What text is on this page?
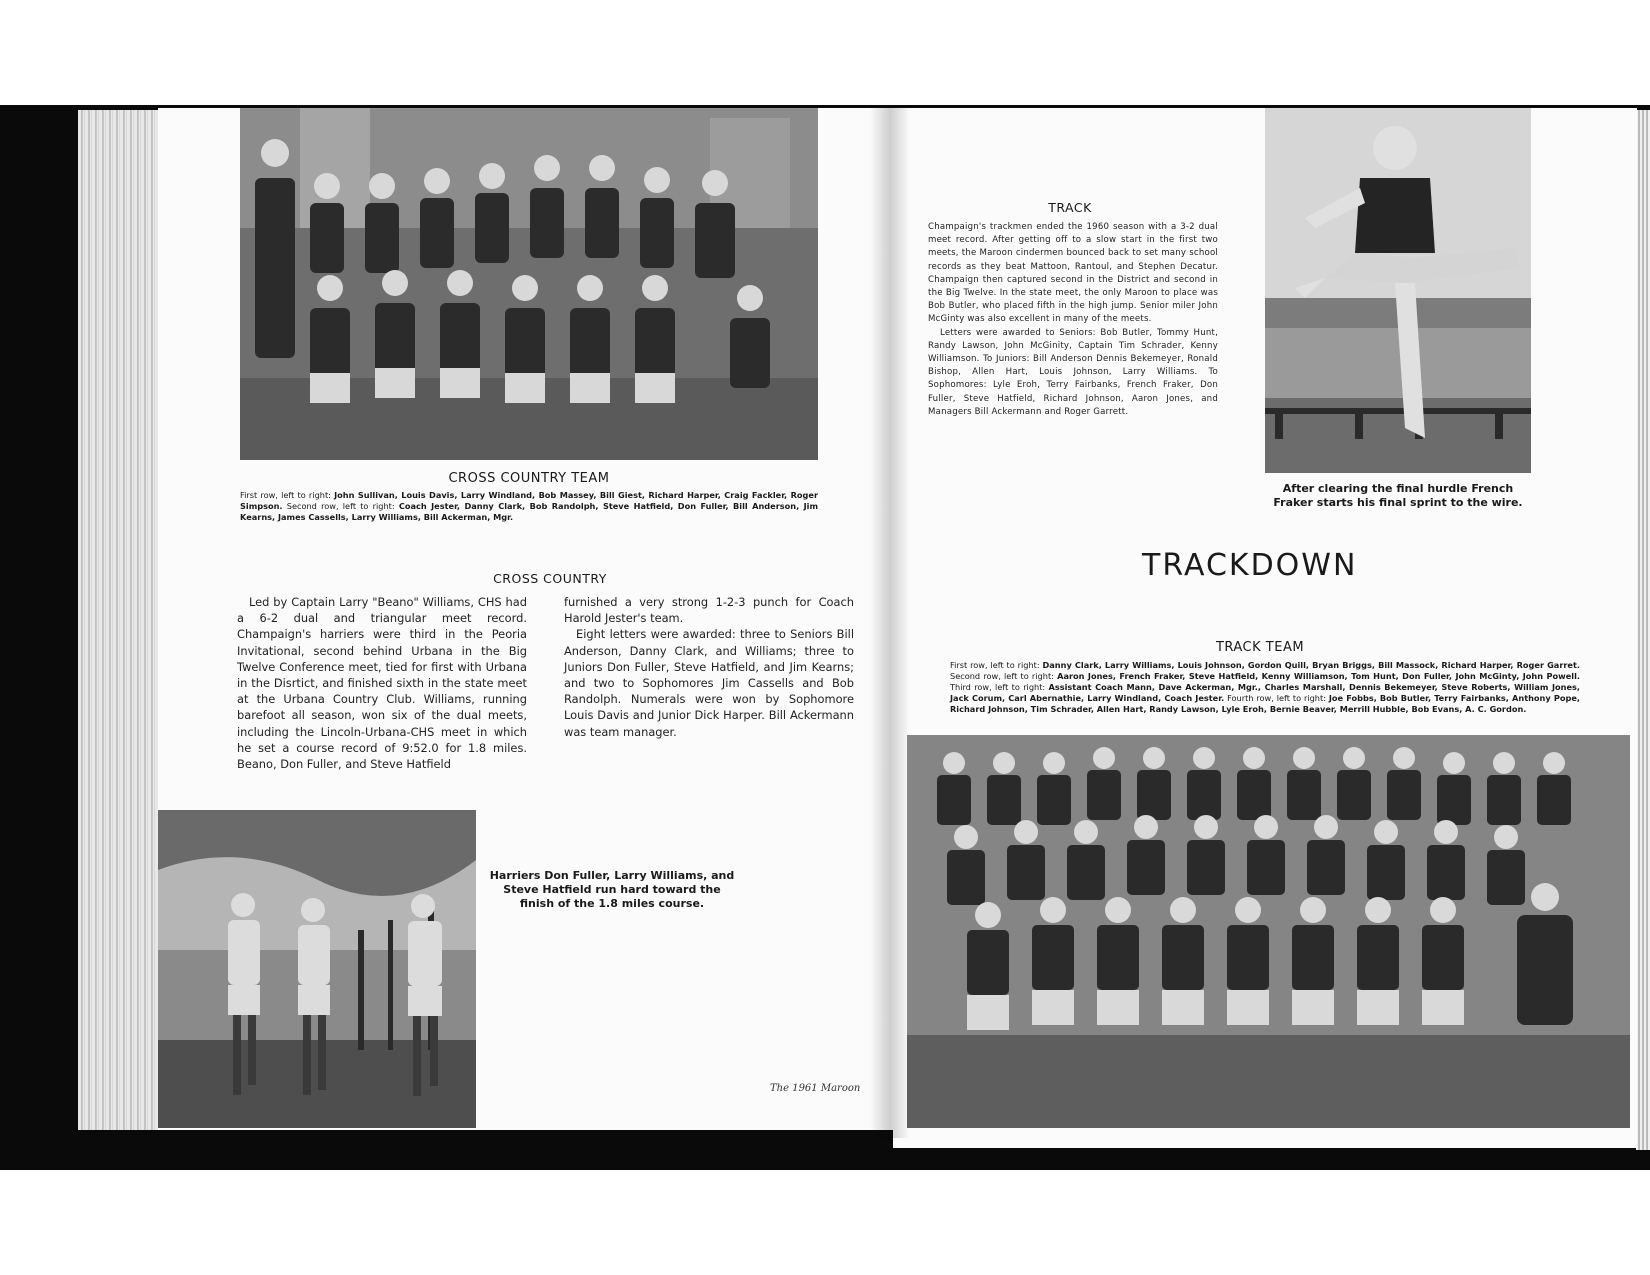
CROSS COUNTRY TEAM
First row, left to right: John Sullivan, Louis Davis, Larry Windland, Bob Massey, Bill Giest, Richard Harper, Craig Fackler, Roger Simpson. Second row, left to right: Coach Jester, Danny Clark, Bob Randolph, Steve Hatfield, Don Fuller, Bill Anderson, Jim Kearns, James Cassells, Larry Williams, Bill Ackerman, Mgr.
CROSS COUNTRY

Led by Captain Larry "Beano" Williams, CHS had a 6-2 dual and triangular meet record. Champaign's harriers were third in the Peoria Invitational, second behind Urbana in the Big Twelve Conference meet, tied for first with Urbana in the Disrtict, and finished sixth in the state meet at the Urbana Country Club. Williams, running barefoot all season, won six of the dual meets, including the Lincoln-Urbana-CHS meet in which he set a course record of 9:52.0 for 1.8 miles. Beano, Don Fuller, and Steve Hatfield

furnished a very strong 1-2-3 punch for Coach Harold Jester's team.

Eight letters were awarded: three to Seniors Bill Anderson, Danny Clark, and Williams; three to Juniors Don Fuller, Steve Hatfield, and Jim Kearns; and two to Sophomores Jim Cassells and Bob Randolph. Numerals were won by Sophomore Louis Davis and Junior Dick Harper. Bill Ackermann was team manager.

Harriers Don Fuller, Larry Williams, and Steve Hatfield run hard toward the finish of the 1.8 miles course.
The 1961 Maroon
TRACK

Champaign's trackmen ended the 1960 season with a 3-2 dual meet record. After getting off to a slow start in the first two meets, the Maroon cindermen bounced back to set many school records as they beat Mattoon, Rantoul, and Stephen Decatur. Champaign then captured second in the District and second in the Big Twelve. In the state meet, the only Maroon to place was Bob Butler, who placed fifth in the high jump. Senior miler John McGinty was also excellent in many of the meets.

Letters were awarded to Seniors: Bob Butler, Tommy Hunt, Randy Lawson, John McGinity, Captain Tim Schrader, Kenny Williamson. To Juniors: Bill Anderson Dennis Bekemeyer, Ronald Bishop, Allen Hart, Louis Johnson, Larry Williams. To Sophomores: Lyle Eroh, Terry Fairbanks, French Fraker, Don Fuller, Steve Hatfield, Richard Johnson, Aaron Jones, and Managers Bill Ackermann and Roger Garrett.

After clearing the final hurdle French Fraker starts his final sprint to the wire.
TRACKDOWN
TRACK TEAM
First row, left to right: Danny Clark, Larry Williams, Louis Johnson, Gordon Quill, Bryan Briggs, Bill Massock, Richard Harper, Roger Garret. Second row, left to right: Aaron Jones, French Fraker, Steve Hatfield, Kenny Williamson, Tom Hunt, Don Fuller, John McGinty, John Powell. Third row, left to right: Assistant Coach Mann, Dave Ackerman, Mgr., Charles Marshall, Dennis Bekemeyer, Steve Roberts, William Jones, Jack Corum, Carl Abernathie, Larry Windland, Coach Jester. Fourth row, left to right: Joe Fobbs, Bob Butler, Terry Fairbanks, Anthony Pope, Richard Johnson, Tim Schrader, Allen Hart, Randy Lawson, Lyle Eroh, Bernie Beaver, Merrill Hubble, Bob Evans, A. C. Gordon.
